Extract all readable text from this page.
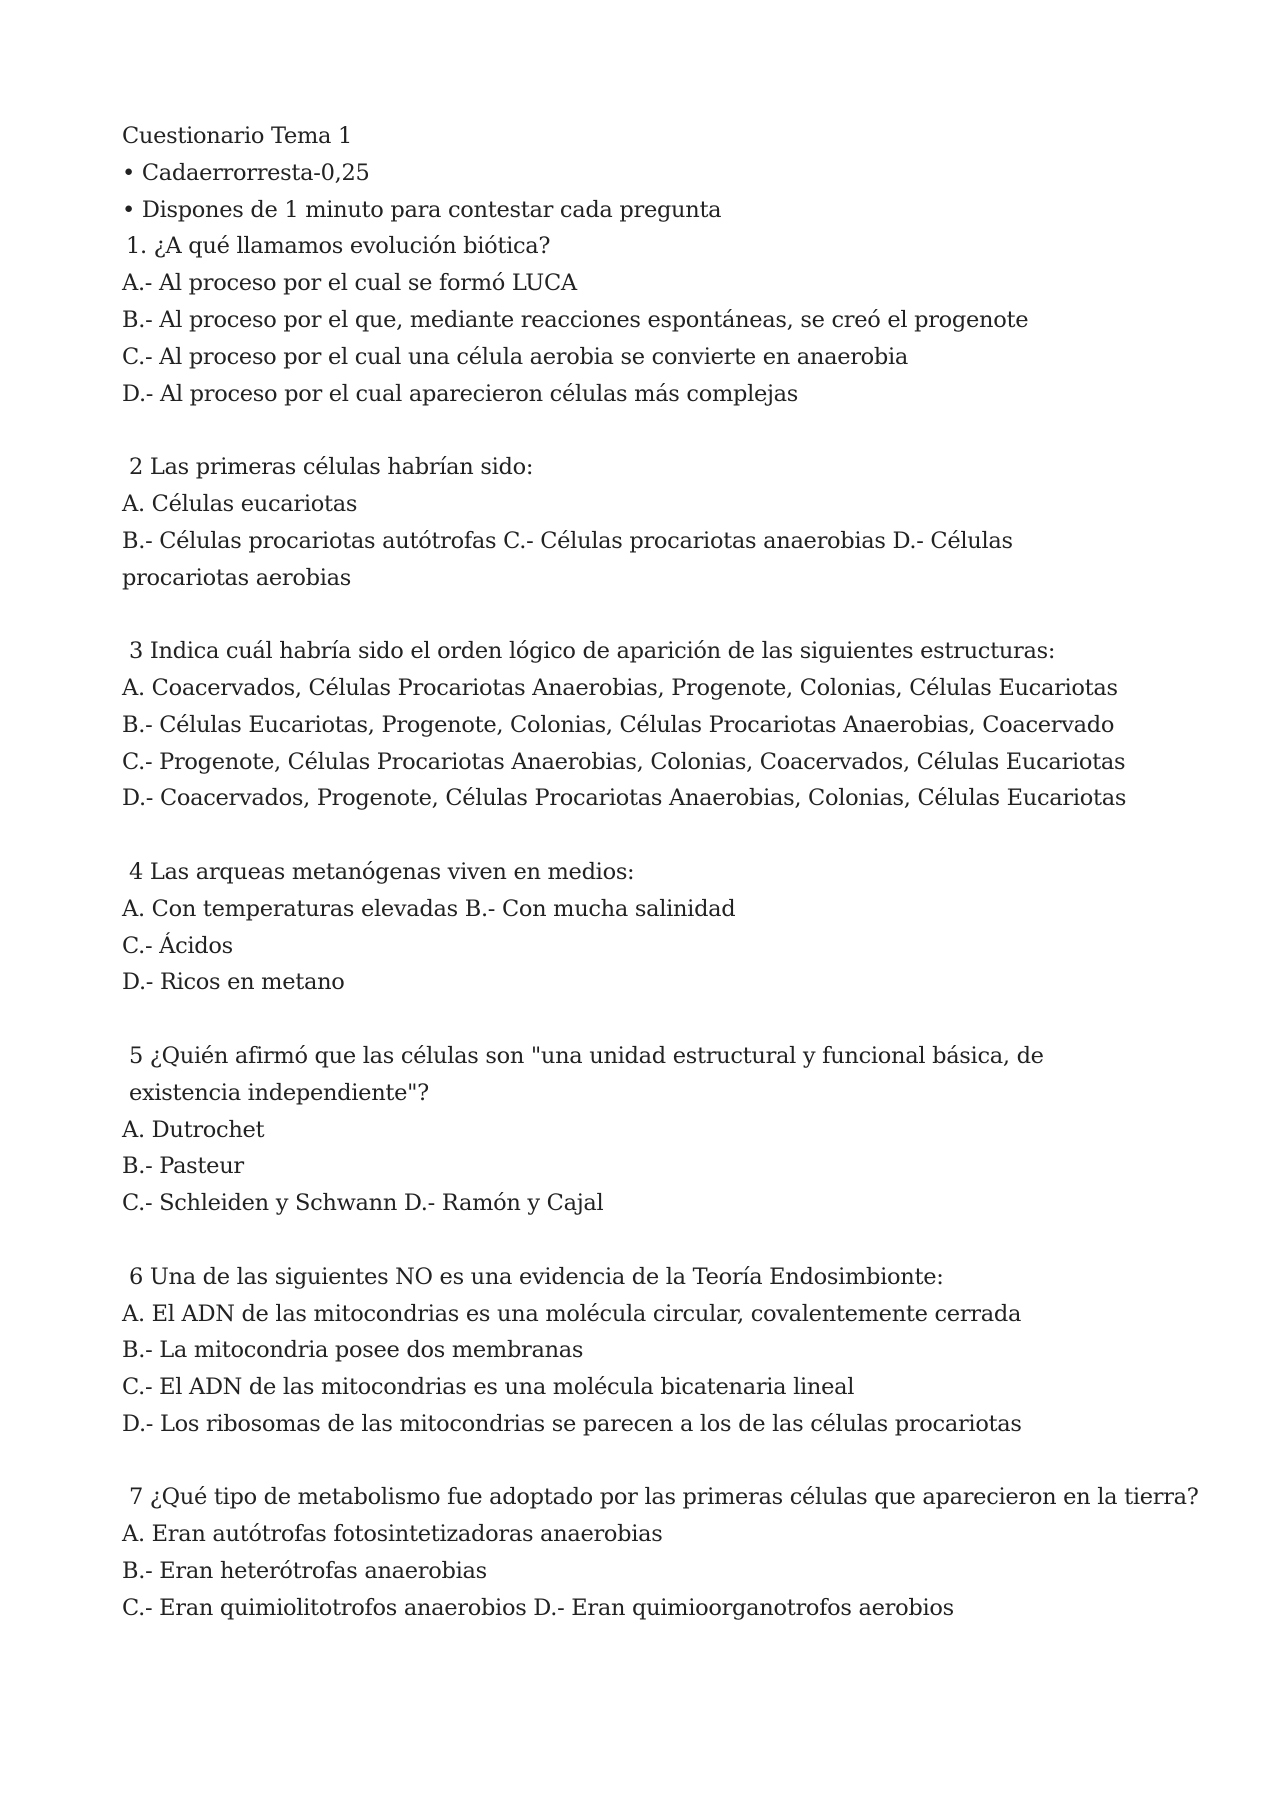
Cuestionario Tema 1
• Cadaerrorresta-0,25
• Dispones de 1 minuto para contestar cada pregunta
1. ¿A qué llamamos evolución biótica?
A.- Al proceso por el cual se formó LUCA
B.- Al proceso por el que, mediante reacciones espontáneas, se creó el progenote
C.- Al proceso por el cual una célula aerobia se convierte en anaerobia
D.- Al proceso por el cual aparecieron células más complejas
2 Las primeras células habrían sido:
A. Células eucariotas
B.- Células procariotas autótrofas C.- Células procariotas anaerobias D.- Células procariotas aerobias
3 Indica cuál habría sido el orden lógico de aparición de las siguientes estructuras:
A. Coacervados, Células Procariotas Anaerobias, Progenote, Colonias, Células Eucariotas
B.- Células Eucariotas, Progenote, Colonias, Células Procariotas Anaerobias, Coacervado
C.- Progenote, Células Procariotas Anaerobias, Colonias, Coacervados, Células Eucariotas
D.- Coacervados, Progenote, Células Procariotas Anaerobias, Colonias, Células Eucariotas
4 Las arqueas metanógenas viven en medios:
A. Con temperaturas elevadas B.- Con mucha salinidad
C.- Ácidos
D.- Ricos en metano
5 ¿Quién afirmó que las células son "una unidad estructural y funcional básica, de existencia independiente"?
A. Dutrochet
B.- Pasteur
C.- Schleiden y Schwann D.- Ramón y Cajal
6 Una de las siguientes NO es una evidencia de la Teoría Endosimbionte:
A. El ADN de las mitocondrias es una molécula circular, covalentemente cerrada
B.- La mitocondria posee dos membranas
C.- El ADN de las mitocondrias es una molécula bicatenaria lineal
D.- Los ribosomas de las mitocondrias se parecen a los de las células procariotas
7 ¿Qué tipo de metabolismo fue adoptado por las primeras células que aparecieron en la tierra?
A. Eran autótrofas fotosintetizadoras anaerobias
B.- Eran heterótrofas anaerobias
C.- Eran quimiolitotrofos anaerobios D.- Eran quimioorganotrofos aerobios
